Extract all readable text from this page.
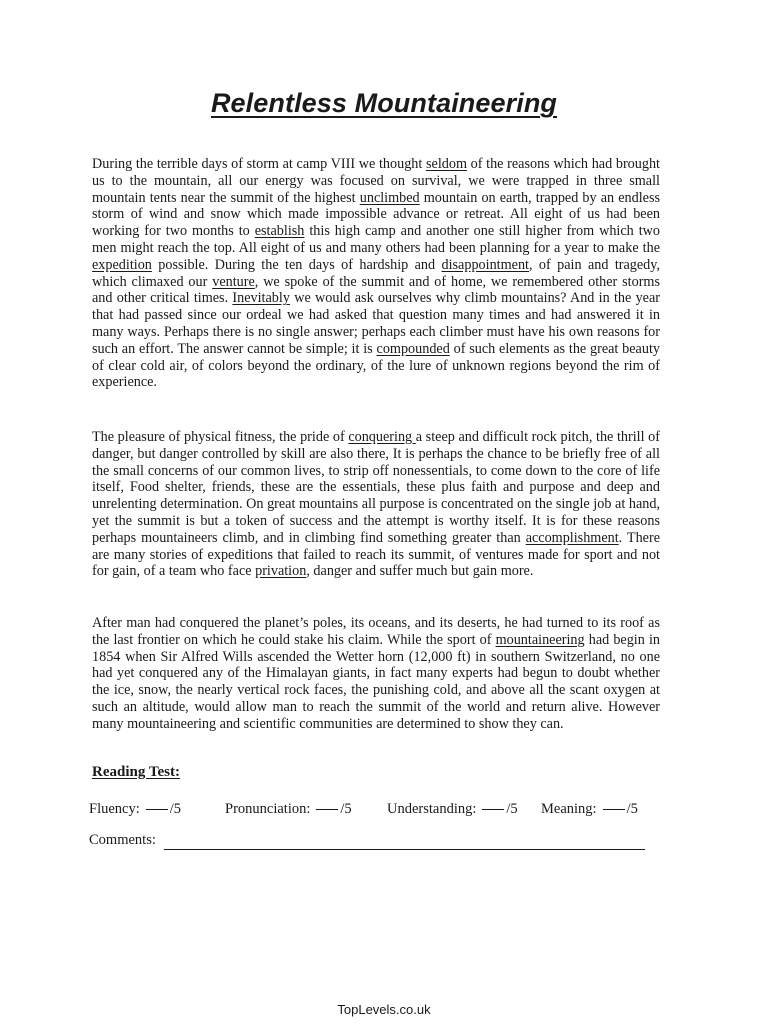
Relentless Mountaineering
During the terrible days of storm at camp VIII we thought seldom of the reasons which had brought us to the mountain, all our energy was focused on survival, we were trapped in three small mountain tents near the summit of the highest unclimbed mountain on earth, trapped by an endless storm of wind and snow which made impossible advance or retreat. All eight of us had been working for two months to establish this high camp and another one still higher from which two men might reach the top. All eight of us and many others had been planning for a year to make the expedition possible. During the ten days of hardship and disappointment, of pain and tragedy, which climaxed our venture, we spoke of the summit and of home, we remembered other storms and other critical times. Inevitably we would ask ourselves why climb mountains? And in the year that had passed since our ordeal we had asked that question many times and had answered it in many ways. Perhaps there is no single answer; perhaps each climber must have his own reasons for such an effort. The answer cannot be simple; it is compounded of such elements as the great beauty of clear cold air, of colors beyond the ordinary, of the lure of unknown regions beyond the rim of experience.
The pleasure of physical fitness, the pride of conquering a steep and difficult rock pitch, the thrill of danger, but danger controlled by skill are also there, It is perhaps the chance to be briefly free of all the small concerns of our common lives, to strip off nonessentials, to come down to the core of life itself, Food shelter, friends, these are the essentials, these plus faith and purpose and deep and unrelenting determination. On great mountains all purpose is concentrated on the single job at hand, yet the summit is but a token of success and the attempt is worthy itself. It is for these reasons perhaps mountaineers climb, and in climbing find something greater than accomplishment. There are many stories of expeditions that failed to reach its summit, of ventures made for sport and not for gain, of a team who face privation, danger and suffer much but gain more.
After man had conquered the planet’s poles, its oceans, and its deserts, he had turned to its roof as the last frontier on which he could stake his claim. While the sport of mountaineering had begin in 1854 when Sir Alfred Wills ascended the Wetter horn (12,000 ft) in southern Switzerland, no one had yet conquered any of the Himalayan giants, in fact many experts had begun to doubt whether the ice, snow, the nearly vertical rock faces, the punishing cold, and above all the scant oxygen at such an altitude, would allow man to reach the summit of the world and return alive. However many mountaineering and scientific communities are determined to show they can.
Reading Test:
Fluency: /5	Pronunciation: /5 Understanding: /5 Meaning: /5
Comments:
TopLevels.co.uk
